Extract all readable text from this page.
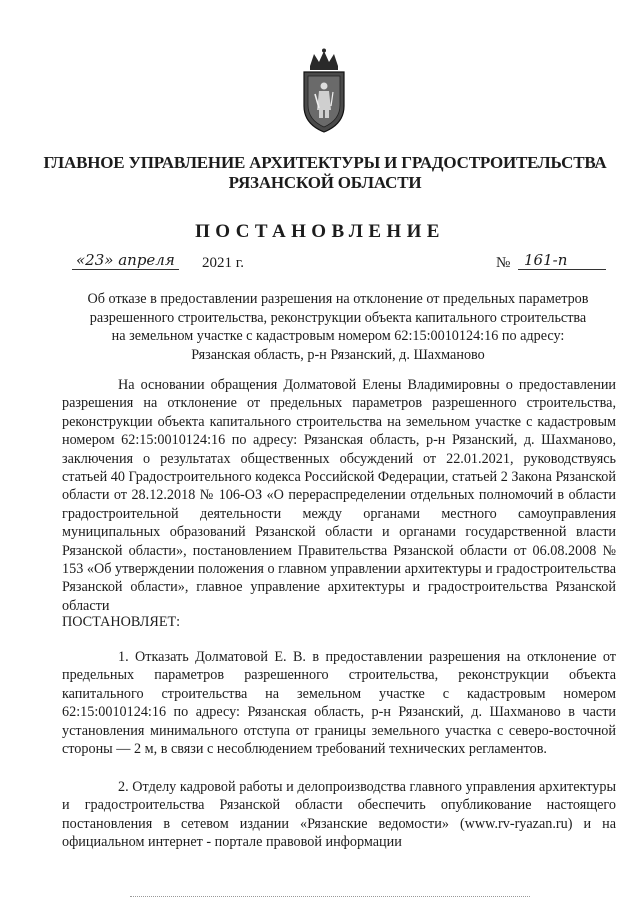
ГЛАВНОЕ УПРАВЛЕНИЕ АРХИТЕКТУРЫ И ГРАДОСТРОИТЕЛЬСТВА
РЯЗАНСКОЙ ОБЛАСТИ
ПОСТАНОВЛЕНИЕ
«23» апреля 2021 г.	№ 161-п
Об отказе в предоставлении разрешения на отклонение от предельных параметров
разрешенного строительства, реконструкции объекта капитального строительства
на земельном участке с кадастровым номером 62:15:0010124:16 по адресу:
Рязанская область, р-н Рязанский, д. Шахманово

На основании обращения Долматовой Елены Владимировны о предоставлении разрешения на отклонение от предельных параметров разрешенного строительства, реконструкции объекта капитального строительства на земельном участке с кадастровым номером 62:15:0010124:16 по адресу: Рязанская область, р-н Рязанский, д. Шахманово, заключения о результатах общественных обсуждений от 22.01.2021, руководствуясь статьей 40 Градостроительного кодекса Российской Федерации, статьей 2 Закона Рязанской области от 28.12.2018 № 106-ОЗ «О перераспределении отдельных полномочий в области градостроительной деятельности между органами местного самоуправления муниципальных образований Рязанской области и органами государственной власти Рязанской области», постановлением Правительства Рязанской области от 06.08.2008 № 153 «Об утверждении положения о главном управлении архитектуры и градостроительства Рязанской области», главное управление архитектуры и градостроительства Рязанской области

ПОСТАНОВЛЯЕТ:

1. Отказать Долматовой Е. В. в предоставлении разрешения на отклонение от предельных параметров разрешенного строительства, реконструкции объекта капитального строительства на земельном участке с кадастровым номером 62:15:0010124:16 по адресу: Рязанская область, р-н Рязанский, д. Шахманово в части установления минимального отступа от границы земельного участка с северо-восточной стороны — 2 м, в связи с несоблюдением требований технических регламентов.

2. Отделу кадровой работы и делопроизводства главного управления архитектуры и градостроительства Рязанской области обеспечить опубликование настоящего постановления в сетевом издании «Рязанские ведомости» (www.rv-ryazan.ru) и на официальном интернет - портале правовой информации
